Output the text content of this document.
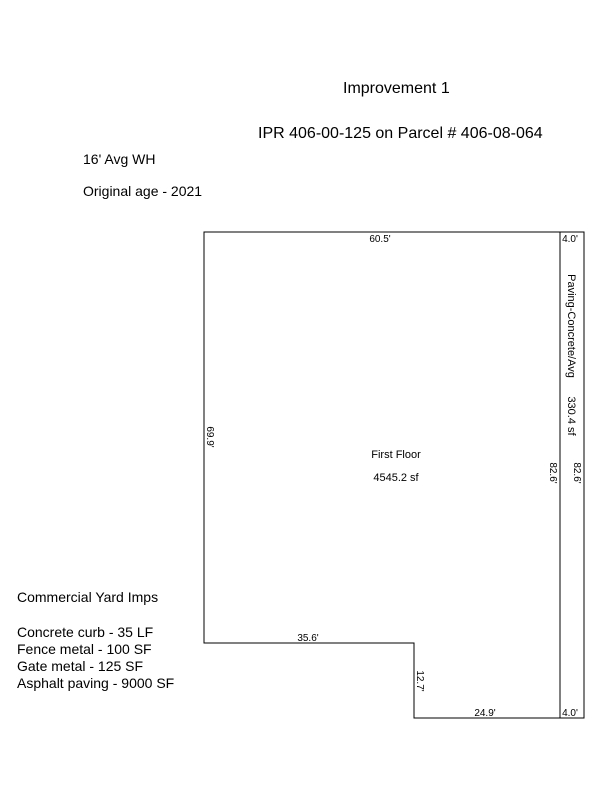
Improvement 1
IPR 406-00-125 on Parcel # 406-08-064
16' Avg WH
Original age - 2021
Commercial Yard Imps
Concrete curb - 35 LF
Fence metal - 100 SF
Gate metal - 125 SF
Asphalt paving - 9000 SF
First Floor
4545.2 sf
Paving-Concrete/Avg
330.4 sf
60.5'
69.9'
82.6' 82.6'
35.6'
12.7'
24.9'
4.0'
4.0'
